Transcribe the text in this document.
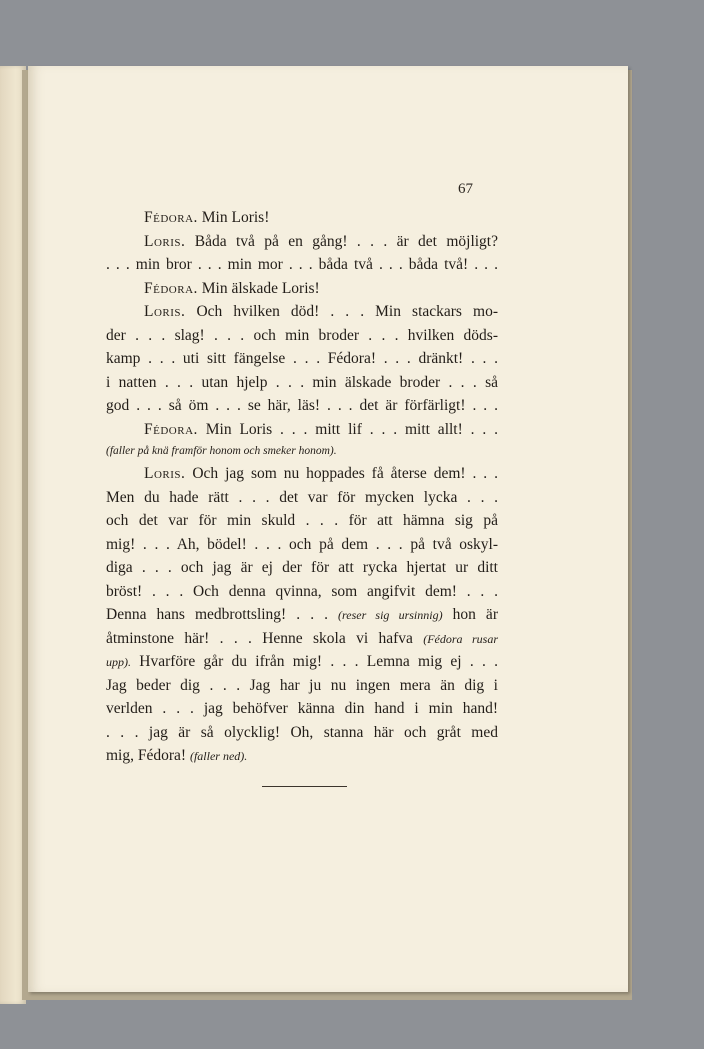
67
Fédora. Min Loris!
Loris. Båda två på en gång! . . . är det möjligt?
. . . min bror . . . min mor . . . båda två . . . båda två! . . .
Fédora. Min älskade Loris!
Loris. Och hvilken död! . . . Min stackars mo-
der . . . slag! . . . och min broder . . . hvilken döds-
kamp . . . uti sitt fängelse . . . Fédora! . . . dränkt! . . .
i natten . . . utan hjelp . . . min älskade broder . . . så
god . . . så öm . . . se här, läs! . . . det är förfärligt! . . .
Fédora. Min Loris . . . mitt lif . . . mitt allt! . . .
(faller på knä framför honom och smeker honom).
Loris. Och jag som nu hoppades få återse dem! . . .
Men du hade rätt . . . det var för mycken lycka . . .
och det var för min skuld . . . för att hämna sig på
mig! . . . Ah, bödel! . . . och på dem . . . på två oskyl-
diga . . . och jag är ej der för att rycka hjertat ur ditt
bröst! . . . Och denna qvinna, som angifvit dem! . . .
Denna hans medbrottsling! . . . (reser sig ursinnig) hon är
åtminstone här! . . . Henne skola vi hafva (Fédora rusar
upp). Hvarföre går du ifrån mig! . . . Lemna mig ej . . .
Jag beder dig . . . Jag har ju nu ingen mera än dig i
verlden . . . jag behöfver känna din hand i min hand!
. . . jag är så olycklig! Oh, stanna här och gråt med
mig, Fédora! (faller ned).
